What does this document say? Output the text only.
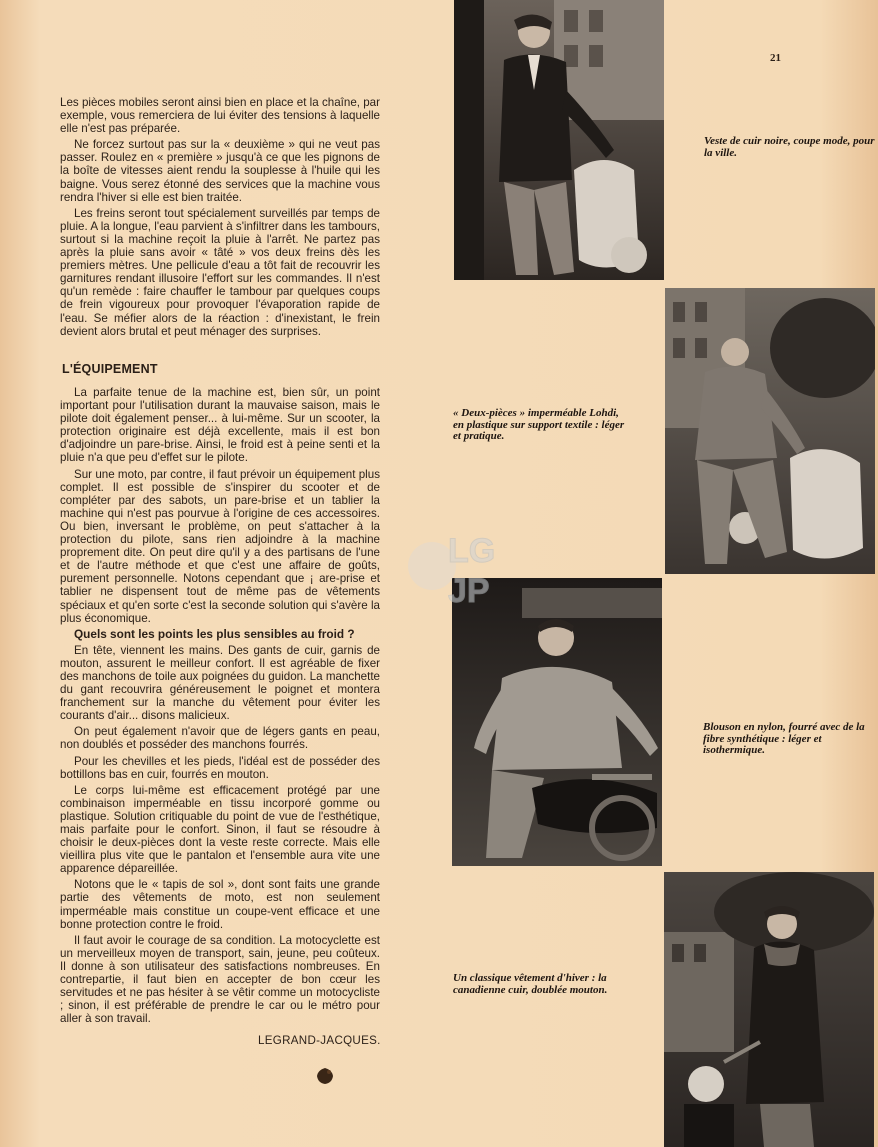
21

Les pièces mobiles seront ainsi bien en place et la chaîne, par exemple, vous remerciera de lui éviter des tensions à laquelle elle n'est pas préparée.

Ne forcez surtout pas sur la « deuxième » qui ne veut pas passer. Roulez en « première » jusqu'à ce que les pignons de la boîte de vitesses aient rendu la souplesse à l'huile qui les baigne. Vous serez étonné des services que la machine vous rendra l'hiver si elle est bien traitée.

Les freins seront tout spécialement surveillés par temps de pluie. A la longue, l'eau parvient à s'infiltrer dans les tambours, surtout si la machine reçoit la pluie à l'arrêt. Ne partez pas après la pluie sans avoir « tâté » vos deux freins dès les premiers mètres. Une pellicule d'eau a tôt fait de recouvrir les garnitures rendant illusoire l'effort sur les commandes. Il n'est qu'un remède : faire chauffer le tambour par quelques coups de frein vigoureux pour provoquer l'évaporation rapide de l'eau. Se méfier alors de la réaction : d'inexistant, le frein devient alors brutal et peut ménager des surprises.

L'ÉQUIPEMENT

La parfaite tenue de la machine est, bien sûr, un point important pour l'utilisation durant la mauvaise saison, mais le pilote doit également penser... à lui-même. Sur un scooter, la protection originaire est déjà excellente, mais il est bon d'adjoindre un pare-brise. Ainsi, le froid est à peine senti et la pluie n'a que peu d'effet sur le pilote.

Sur une moto, par contre, il faut prévoir un équipement plus complet. Il est possible de s'inspirer du scooter et de compléter par des sabots, un pare-brise et un tablier la machine qui n'est pas pourvue à l'origine de ces accessoires. Ou bien, inversant le problème, on peut s'attacher à la protection du pilote, sans rien adjoindre à la machine proprement dite. On peut dire qu'il y a des partisans de l'une et de l'autre méthode et que c'est une affaire de goûts, purement personnelle. Notons cependant que ¡ are-prise et tablier ne dispensent tout de même pas de vêtements spéciaux et qu'en sorte c'est la seconde solution qui s'avère la plus économique.

Quels sont les points les plus sensibles au froid ?

En tête, viennent les mains. Des gants de cuir, garnis de mouton, assurent le meilleur confort. Il est agréable de fixer des manchons de toile aux poignées du guidon. La manchette du gant recouvrira généreusement le poignet et montera franchement sur la manche du vêtement pour éviter les courants d'air... disons malicieux.

On peut également n'avoir que de légers gants en peau, non doublés et posséder des manchons fourrés.

Pour les chevilles et les pieds, l'idéal est de posséder des bottillons bas en cuir, fourrés en mouton.

Le corps lui-même est efficacement protégé par une combinaison imperméable en tissu incorporé gomme ou plastique. Solution critiquable du point de vue de l'esthétique, mais parfaite pour le confort. Sinon, il faut se résoudre à choisir le deux-pièces dont la veste reste correcte. Mais elle vieillira plus vite que le pantalon et l'ensemble aura vite une apparence dépareillée.

Notons que le « tapis de sol », dont sont faits une grande partie des vêtements de moto, est non seulement imperméable mais constitue un coupe-vent efficace et une bonne protection contre le froid.

Il faut avoir le courage de sa condition. La motocyclette est un merveilleux moyen de transport, sain, jeune, peu coûteux. Il donne à son utilisateur des satisfactions nombreuses. En contrepartie, il faut bien en accepter de bon cœur les servitudes et ne pas hésiter à se vêtir comme un motocycliste ; sinon, il est préférable de prendre le car ou le métro pour aller à son travail.

LEGRAND-JACQUES.
Veste de cuir noire, coupe mode, pour la ville.
« Deux-pièces » imperméable Lohdi, en plastique sur support textile : léger et pratique.
Blouson en nylon, fourré avec de la fibre synthétique : léger et isothermique.
Un classique vêtement d'hiver : la canadienne cuir, doublée mouton.
LG
JP
